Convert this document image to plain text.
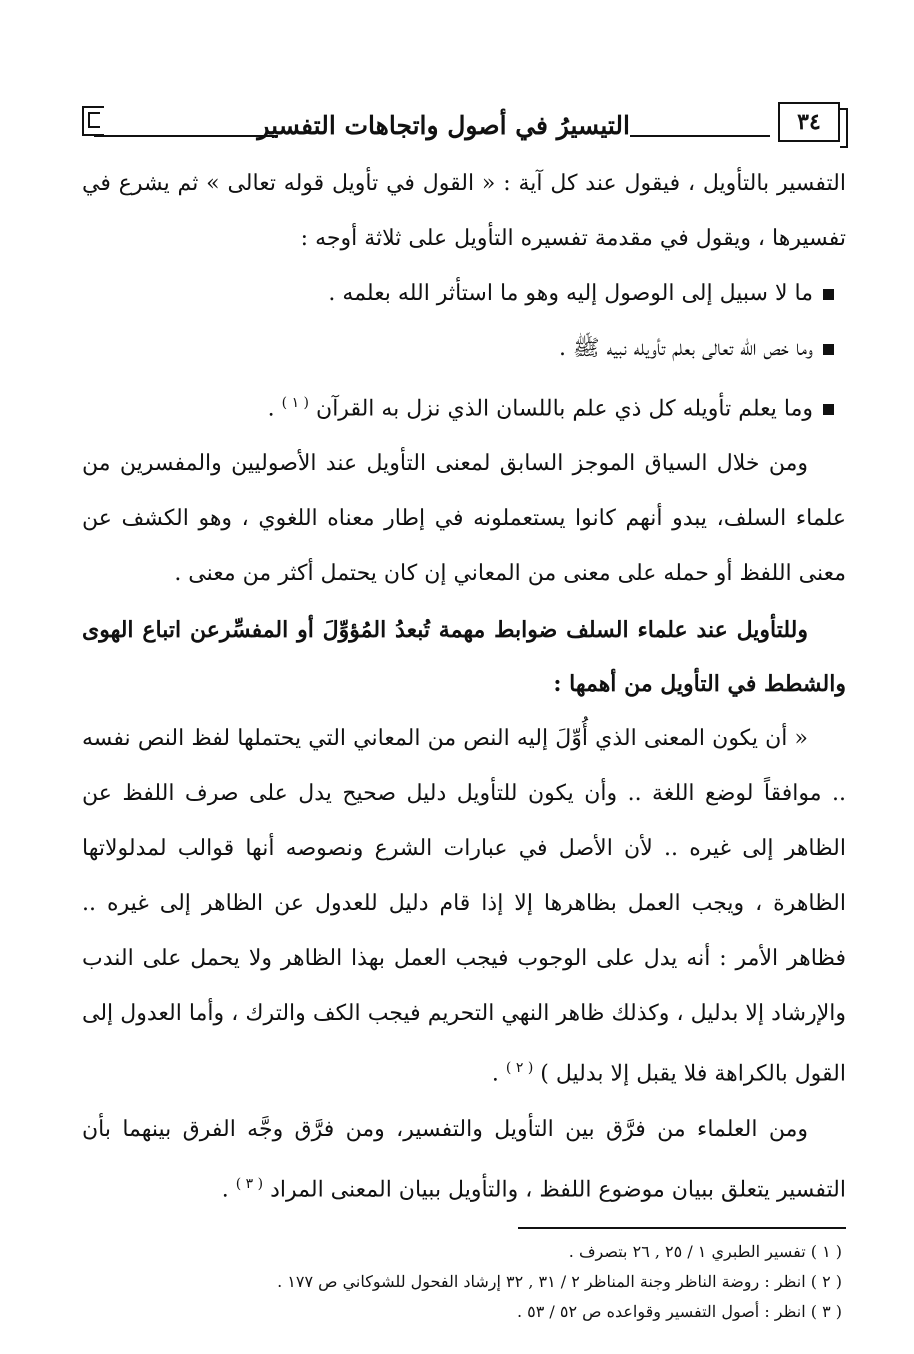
التيسيرُ في أصول واتجاهات التفسير	٣٤

التفسير بالتأويل ، فيقول عند كل آية : « القول في تأويل قوله تعالى » ثم يشرع في تفسيرها ، ويقول في مقدمة تفسيره التأويل على ثلاثة أوجه :

ما لا سبيل إلى الوصول إليه وهو ما استأثر الله بعلمه .

وما خص الله تعالى بعلم تأويله نبيه ﷺ .

وما يعلم تأويله كل ذي علم باللسان الذي نزل به القرآن $^{( ١ )}$ .

ومن خلال السياق الموجز السابق لمعنى التأويل عند الأصوليين والمفسرين من علماء السلف، يبدو أنهم كانوا يستعملونه في إطار معناه اللغوي ، وهو الكشف عن معنى اللفظ أو حمله على معنى من المعاني إن كان يحتمل أكثر من معنى .

وللتأويل عند علماء السلف ضوابط مهمة تُبعدُ المُؤوِّلَ أو المفسِّرعن اتباع الهوى والشطط في التأويل من أهمها :

« أن يكون المعنى الذي أُوِّلَ إليه النص من المعاني التي يحتملها لفظ النص نفسه .. موافقاً لوضع اللغة .. وأن يكون للتأويل دليل صحيح يدل على صرف اللفظ عن الظاهر إلى غيره .. لأن الأصل في عبارات الشرع ونصوصه أنها قوالب لمدلولاتها الظاهرة ، ويجب العمل بظاهرها إلا إذا قام دليل للعدول عن الظاهر إلى غيره .. فظاهر الأمر : أنه يدل على الوجوب فيجب العمل بهذا الظاهر ولا يحمل على الندب والإرشاد إلا بدليل ، وكذلك ظاهر النهي التحريم فيجب الكف والترك ، وأما العدول إلى القول بالكراهة فلا يقبل إلا بدليل ) $^{( ٢ )}$ .

ومن العلماء من فرَّق بين التأويل والتفسير، ومن فرَّق وجَّه الفرق بينهما بأن التفسير يتعلق ببيان موضوع اللفظ ، والتأويل ببيان المعنى المراد $^{( ٣ )}$ .

( ١ ) تفسير الطبري ١ / ٢٥ , ٢٦ بتصرف .
( ٢ ) انظر : روضة الناظر وجنة المناظر ٢ / ٣١ , ٣٢ إرشاد الفحول للشوكاني ص ١٧٧ .
( ٣ ) انظر : أصول التفسير وقواعده ص ٥٢ / ٥٣ .
